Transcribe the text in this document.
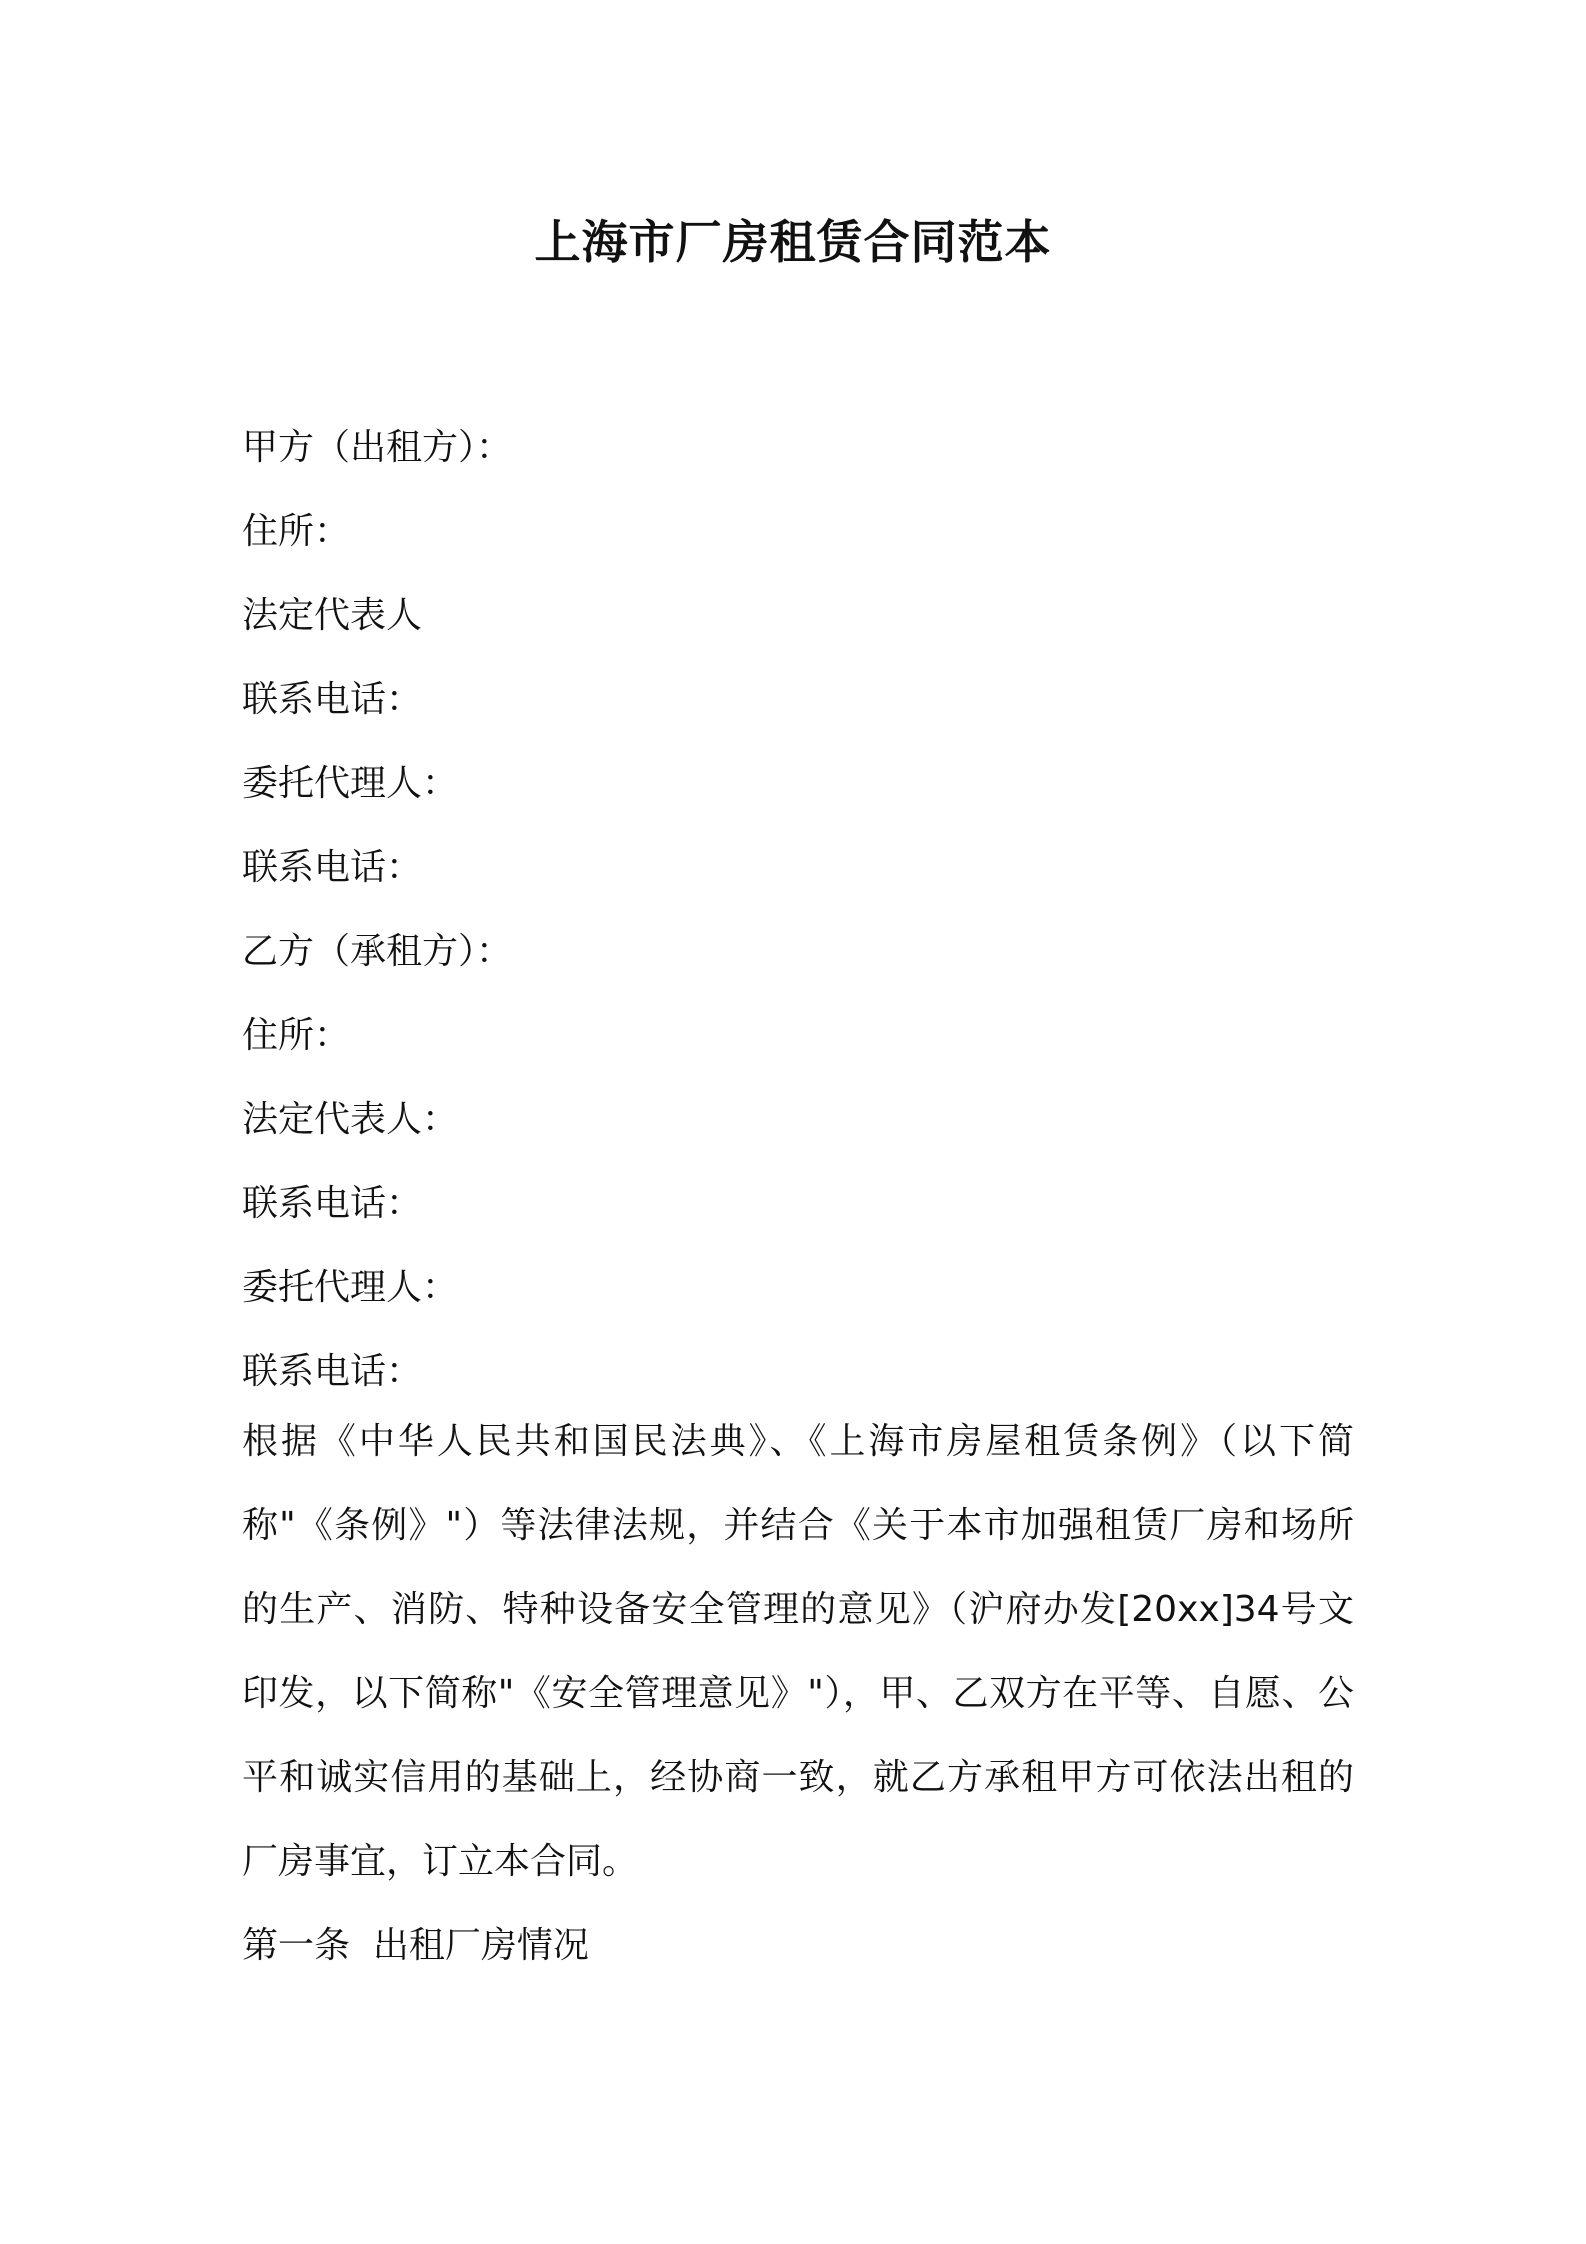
上海市厂房租赁合同范本
甲方（出租方）：
住所：
法定代表人
联系电话：
委托代理人：
联系电话：
乙方（承租方）：
住所：
法定代表人：
联系电话：
委托代理人：
联系电话：

根据《中华人民共和国民法典》、《上海市房屋租赁条例》（以下简称"《条例》"）等法律法规，并结合《关于本市加强租赁厂房和场所的生产、消防、特种设备安全管理的意见》（沪府办发[20xx]34号文印发，以下简称"《安全管理意见》"），甲、乙双方在平等、自愿、公平和诚实信用的基础上，经协商一致，就乙方承租甲方可依法出租的厂房事宜，订立本合同。

第一条  出租厂房情况
